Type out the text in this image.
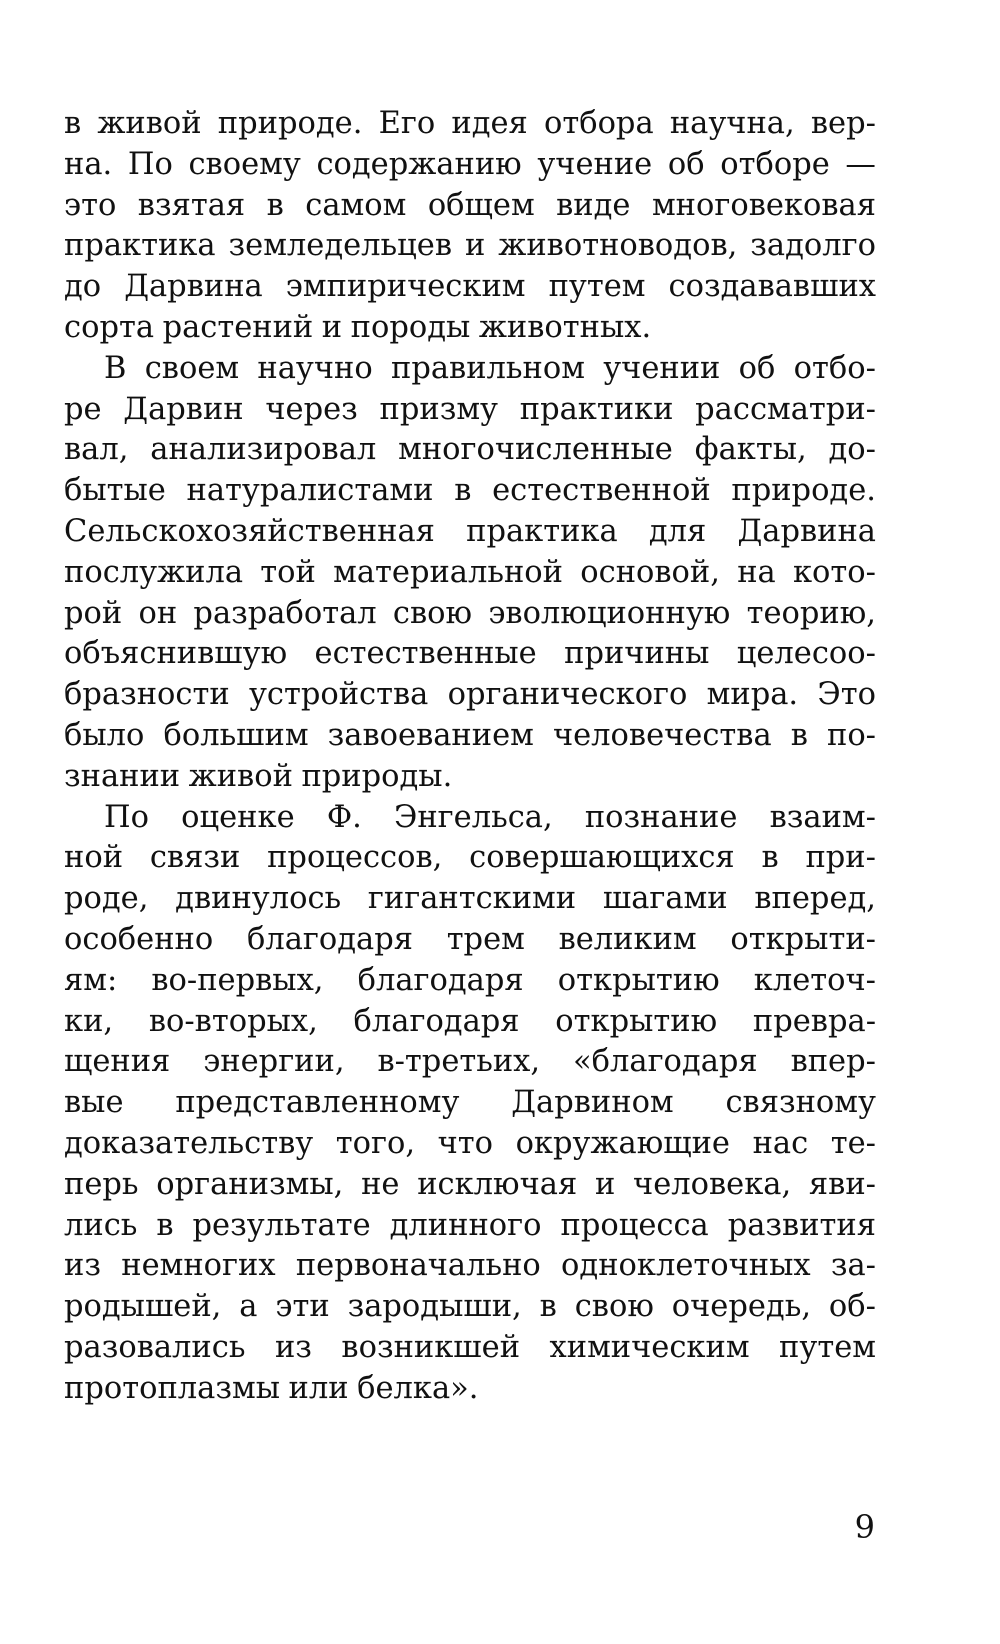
в живой природе. Его идея отбора научна, вер-
на. По своему содержанию учение об отборе —
это взятая в самом общем виде многовековая
практика земледельцев и животноводов, задолго
до Дарвина эмпирическим путем создававших
сорта растений и породы животных.
В своем научно правильном учении об отбо-
ре Дарвин через призму практики рассматри-
вал, анализировал многочисленные факты, до-
бытые натуралистами в естественной природе.
Сельскохозяйственная практика для Дарвина
послужила той материальной основой, на кото-
рой он разработал свою эволюционную теорию,
объяснившую естественные причины целесоо-
бразности устройства органического мира. Это
было большим завоеванием человечества в по-
знании живой природы.
По оценке Ф. Энгельса, познание взаим-
ной связи процессов, совершающихся в при-
роде, двинулось гигантскими шагами вперед,
особенно благодаря трем великим открыти-
ям: во-первых, благодаря открытию клеточ-
ки, во-вторых, благодаря открытию превра-
щения энергии, в-третьих, «благодаря впер-
вые представленному Дарвином связному
доказательству того, что окружающие нас те-
перь организмы, не исключая и человека, яви-
лись в результате длинного процесса развития
из немногих первоначально одноклеточных за-
родышей, а эти зародыши, в свою очередь, об-
разовались из возникшей химическим путем
протоплазмы или белка».
9
